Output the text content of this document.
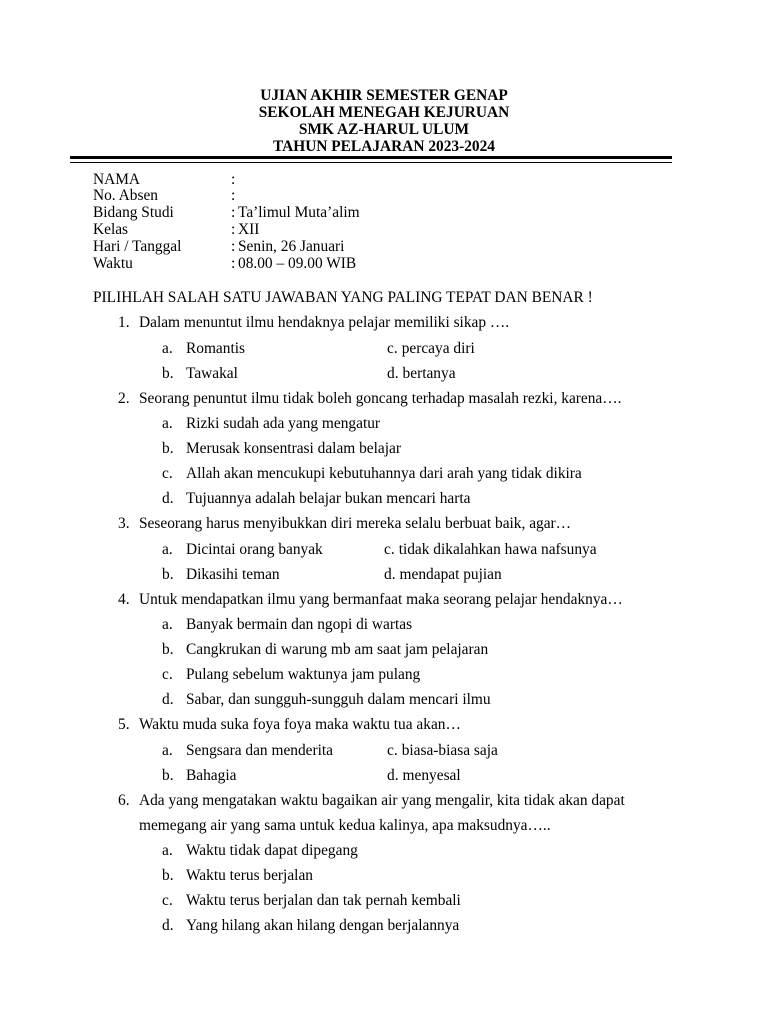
UJIAN AKHIR SEMESTER GENAP
SEKOLAH MENEGAH KEJURUAN
SMK AZ-HARUL ULUM
TAHUN PELAJARAN 2023-2024
NAMA	:
No. Absen	:
Bidang Studi	: Ta’limul Muta’alim
Kelas	: XII
Hari / Tanggal	: Senin, 26 Januari
Waktu	: 08.00 – 09.00 WIB
PILIHLAH SALAH SATU JAWABAN YANG PALING TEPAT DAN BENAR !
1. Dalam menuntut ilmu hendaknya pelajar memiliki sikap ….
a. Romantis	c. percaya diri
b. Tawakal	d. bertanya
2. Seorang penuntut ilmu tidak boleh goncang terhadap masalah rezki, karena….
a. Rizki sudah ada yang mengatur
b. Merusak konsentrasi dalam belajar
c. Allah akan mencukupi kebutuhannya dari arah yang tidak dikira
d. Tujuannya adalah belajar bukan mencari harta
3. Seseorang harus menyibukkan diri mereka selalu berbuat baik, agar…
a. Dicintai orang banyak	c. tidak dikalahkan hawa nafsunya
b. Dikasihi teman	d. mendapat pujian
4. Untuk mendapatkan ilmu yang bermanfaat maka seorang pelajar hendaknya…
a. Banyak bermain dan ngopi di wartas
b. Cangkrukan di warung mb am saat jam pelajaran
c. Pulang sebelum waktunya jam pulang
d. Sabar, dan sungguh-sungguh dalam mencari ilmu
5. Waktu muda suka foya foya maka waktu tua akan…
a. Sengsara dan menderita	c. biasa-biasa saja
b. Bahagia	d. menyesal
6. Ada yang mengatakan waktu bagaikan air yang mengalir, kita tidak akan dapat
memegang air yang sama untuk kedua kalinya, apa maksudnya…..
a. Waktu tidak dapat dipegang
b. Waktu terus berjalan
c. Waktu terus berjalan dan tak pernah kembali
d. Yang hilang akan hilang dengan berjalannya
